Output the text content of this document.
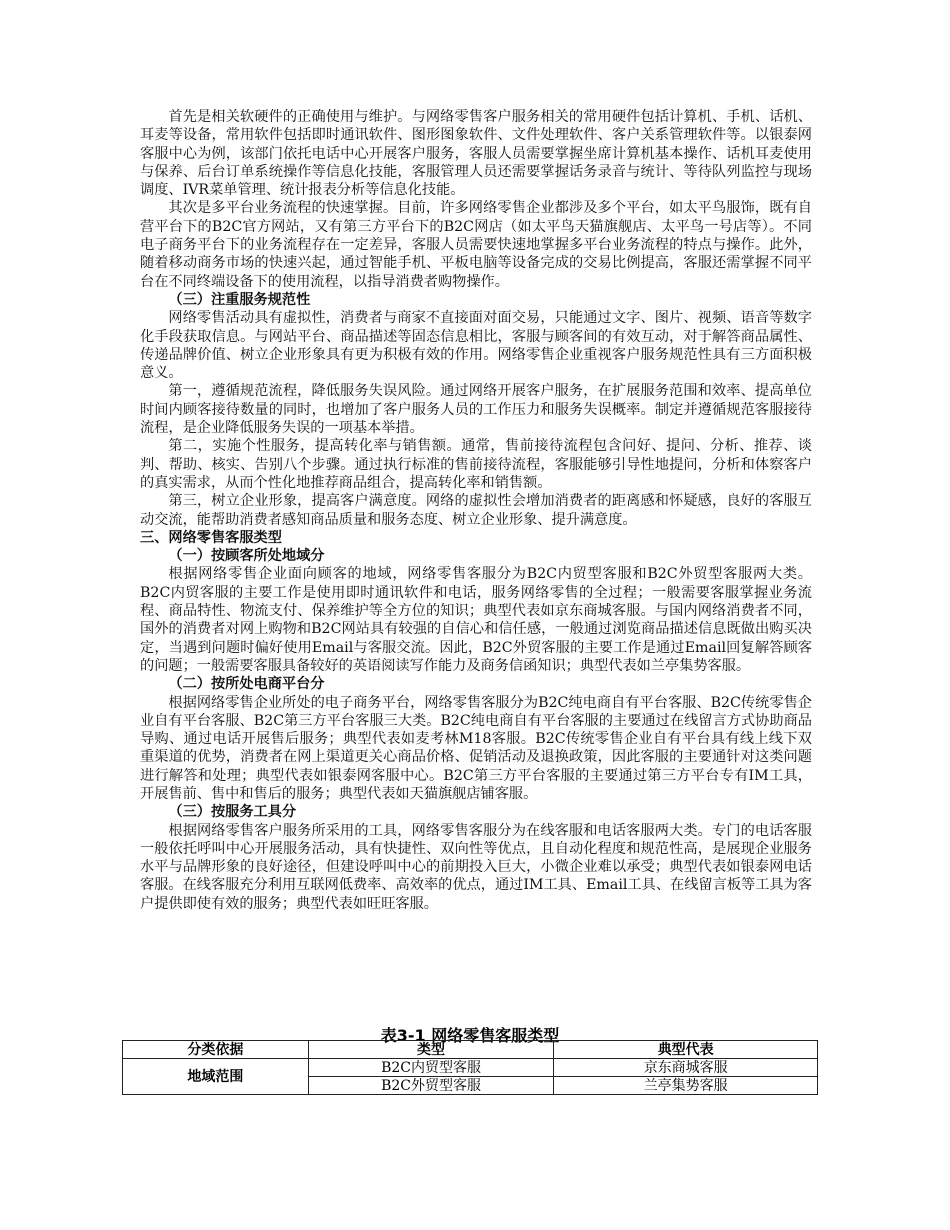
首先是相关软硬件的正确使用与维护。与网络零售客户服务相关的常用硬件包括计算机、手机、话机、耳麦等设备，常用软件包括即时通讯软件、图形图象软件、文件处理软件、客户关系管理软件等。以银泰网客服中心为例，该部门依托电话中心开展客户服务，客服人员需要掌握坐席计算机基本操作、话机耳麦使用与保养、后台订单系统操作等信息化技能，客服管理人员还需要掌握话务录音与统计、等待队列监控与现场调度、IVR菜单管理、统计报表分析等信息化技能。

其次是多平台业务流程的快速掌握。目前，许多网络零售企业都涉及多个平台，如太平鸟服饰，既有自营平台下的B2C官方网站，又有第三方平台下的B2C网店（如太平鸟天猫旗舰店、太平鸟一号店等）。不同电子商务平台下的业务流程存在一定差异，客服人员需要快速地掌握多平台业务流程的特点与操作。此外，随着移动商务市场的快速兴起，通过智能手机、平板电脑等设备完成的交易比例提高，客服还需掌握不同平台在不同终端设备下的使用流程，以指导消费者购物操作。

（三）注重服务规范性

网络零售活动具有虚拟性，消费者与商家不直接面对面交易，只能通过文字、图片、视频、语音等数字化手段获取信息。与网站平台、商品描述等固态信息相比，客服与顾客间的有效互动，对于解答商品属性、传递品牌价值、树立企业形象具有更为积极有效的作用。网络零售企业重视客户服务规范性具有三方面积极意义。

第一，遵循规范流程，降低服务失误风险。通过网络开展客户服务，在扩展服务范围和效率、提高单位时间内顾客接待数量的同时，也增加了客户服务人员的工作压力和服务失误概率。制定并遵循规范客服接待流程，是企业降低服务失误的一项基本举措。

第二，实施个性服务，提高转化率与销售额。通常，售前接待流程包含问好、提问、分析、推荐、谈判、帮助、核实、告别八个步骤。通过执行标准的售前接待流程，客服能够引导性地提问，分析和体察客户的真实需求，从而个性化地推荐商品组合，提高转化率和销售额。

第三，树立企业形象，提高客户满意度。网络的虚拟性会增加消费者的距离感和怀疑感，良好的客服互动交流，能帮助消费者感知商品质量和服务态度、树立企业形象、提升满意度。

三、网络零售客服类型

（一）按顾客所处地域分

根据网络零售企业面向顾客的地域，网络零售客服分为B2C内贸型客服和B2C外贸型客服两大类。B2C内贸客服的主要工作是使用即时通讯软件和电话，服务网络零售的全过程；一般需要客服掌握业务流程、商品特性、物流支付、保养维护等全方位的知识；典型代表如京东商城客服。与国内网络消费者不同，国外的消费者对网上购物和B2C网站具有较强的自信心和信任感，一般通过浏览商品描述信息既做出购买决定，当遇到问题时偏好使用Email与客服交流。因此，B2C外贸客服的主要工作是通过Email回复解答顾客的问题；一般需要客服具备较好的英语阅读写作能力及商务信函知识；典型代表如兰亭集势客服。

（二）按所处电商平台分

根据网络零售企业所处的电子商务平台，网络零售客服分为B2C纯电商自有平台客服、B2C传统零售企业自有平台客服、B2C第三方平台客服三大类。B2C纯电商自有平台客服的主要通过在线留言方式协助商品导购、通过电话开展售后服务；典型代表如麦考林M18客服。B2C传统零售企业自有平台具有线上线下双重渠道的优势，消费者在网上渠道更关心商品价格、促销活动及退换政策，因此客服的主要通针对这类问题进行解答和处理；典型代表如银泰网客服中心。B2C第三方平台客服的主要通过第三方平台专有IM工具，开展售前、售中和售后的服务；典型代表如天猫旗舰店铺客服。

（三）按服务工具分

根据网络零售客户服务所采用的工具，网络零售客服分为在线客服和电话客服两大类。专门的电话客服一般依托呼叫中心开展服务活动，具有快捷性、双向性等优点，且自动化程度和规范性高，是展现企业服务水平与品牌形象的良好途径，但建设呼叫中心的前期投入巨大，小微企业难以承受；典型代表如银泰网电话客服。在线客服充分利用互联网低费率、高效率的优点，通过IM工具、Email工具、在线留言板等工具为客户提供即使有效的服务；典型代表如旺旺客服。

表3-1 网络零售客服类型

分类依据	类型	典型代表
地域范围	B2C内贸型客服	京东商城客服
	B2C外贸型客服	兰亭集势客服
